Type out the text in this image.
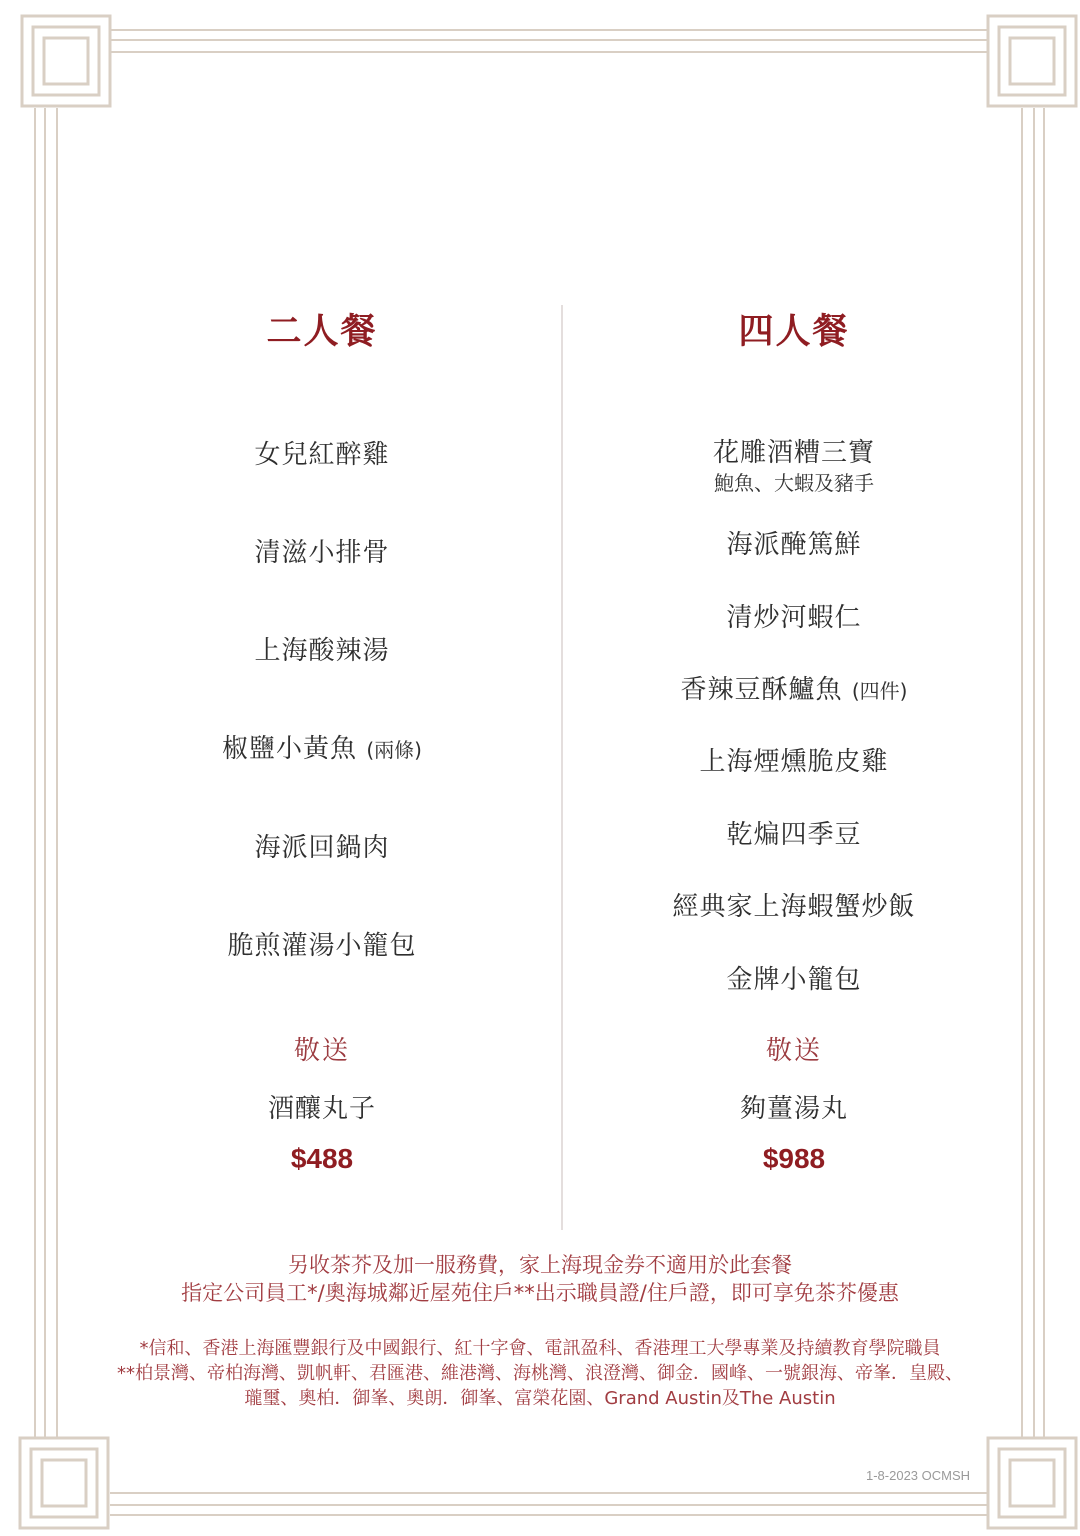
二人餐
女兒紅醉雞
清滋小排骨
上海酸辣湯
椒鹽小黃魚 (兩條)
海派回鍋肉
脆煎灌湯小籠包
敬送
酒釀丸子
$488
四人餐
花雕酒糟三寶
鮑魚、大蝦及豬手
海派醃篤鮮
清炒河蝦仁
香辣豆酥鱸魚 (四件)
上海煙燻脆皮雞
乾煸四季豆
經典家上海蝦蟹炒飯
金牌小籠包
敬送
夠薑湯丸
$988
另收茶芥及加一服務費，家上海現金券不適用於此套餐
指定公司員工*/奧海城鄰近屋苑住戶**出示職員證/住戶證，即可享免茶芥優惠
*信和、香港上海匯豐銀行及中國銀行、紅十字會、電訊盈科、香港理工大學專業及持續教育學院職員
**柏景灣、帝柏海灣、凱帆軒、君匯港、維港灣、海桃灣、浪澄灣、御金．國峰、一號銀海、帝峯．皇殿、
瓏璽、奧柏．御峯、奧朗．御峯、富榮花園、Grand Austin及The Austin
1-8-2023 OCMSH
